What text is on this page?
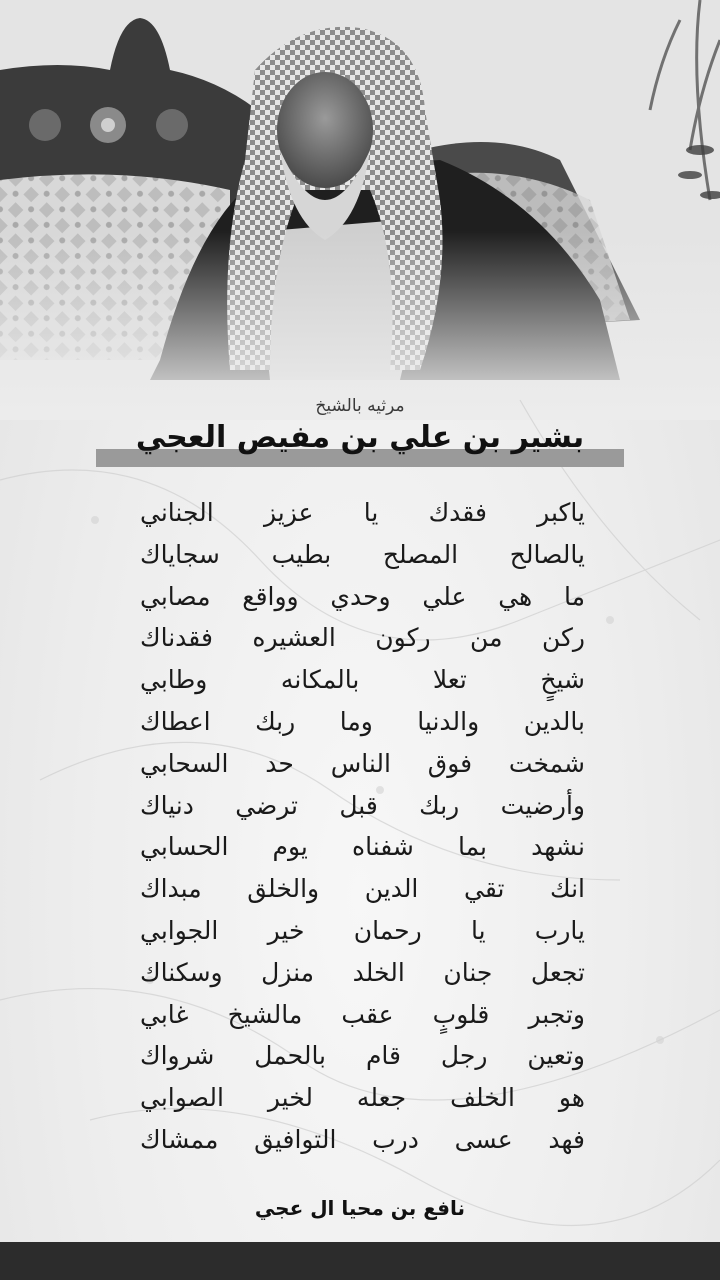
مرثيه بالشيخ
بشير بن علي بن مفيص العجي
ياكبر فقدك يا عزيز الجناني
يالصالح المصلح بطيب سجاياك
ما هي علي وحدي وواقع مصابي
ركن من ركون العشيره فقدناك
شيخٍ تعلا بالمكانه وطابي
بالدين والدنيا وما ربك اعطاك
شمخت فوق الناس حد السحابي
وأرضيت ربك قبل ترضي دنياك
نشهد بما شفناه يوم الحسابي
انك تقي الدين والخلق مبداك
يارب يا رحمان خير الجوابي
تجعل جنان الخلد منزل وسكناك
وتجبر قلوبٍ عقب مالشيخ غابي
وتعين رجل قام بالحمل شرواك
هو الخلف جعله لخير الصوابي
فهد عسى درب التوافيق ممشاك
نافع بن محيا ال عجي
